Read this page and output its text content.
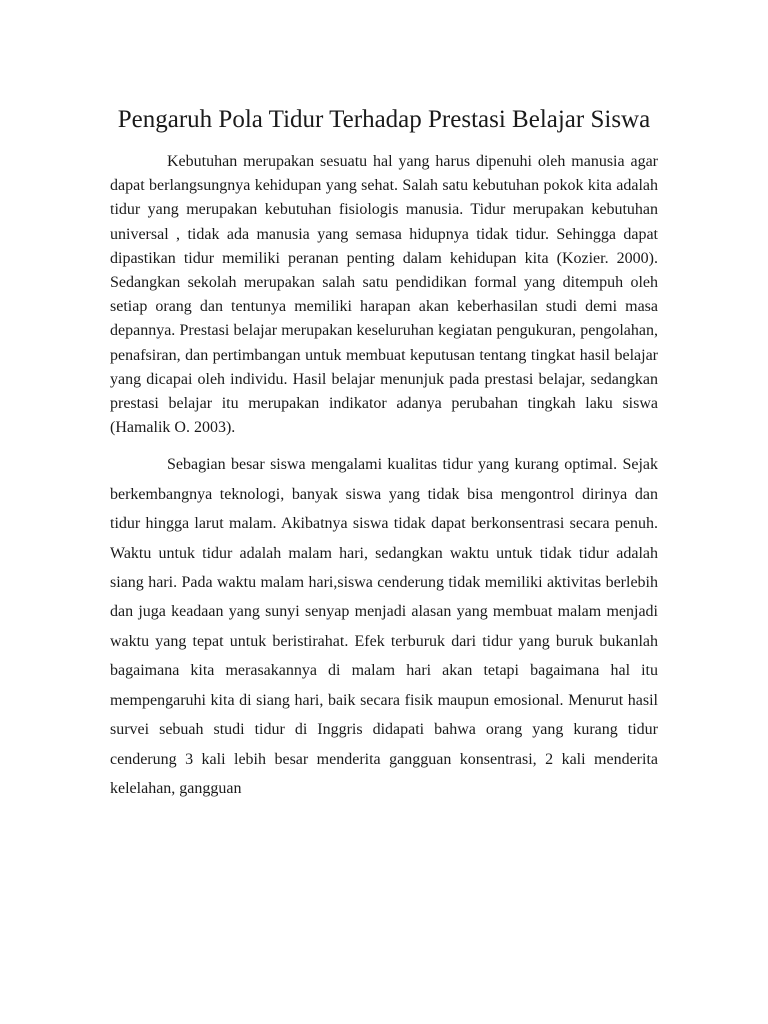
Pengaruh Pola Tidur Terhadap Prestasi Belajar Siswa

Kebutuhan merupakan sesuatu hal yang harus dipenuhi oleh manusia agar dapat berlangsungnya kehidupan yang sehat. Salah satu kebutuhan pokok kita adalah tidur yang merupakan kebutuhan fisiologis manusia. Tidur merupakan kebutuhan universal , tidak ada manusia yang semasa hidupnya tidak tidur. Sehingga dapat dipastikan tidur memiliki peranan penting dalam kehidupan kita (Kozier. 2000). Sedangkan sekolah merupakan salah satu pendidikan formal yang ditempuh oleh setiap orang dan tentunya memiliki harapan akan keberhasilan studi demi masa depannya. Prestasi belajar merupakan keseluruhan kegiatan pengukuran, pengolahan, penafsiran, dan pertimbangan untuk membuat keputusan tentang tingkat hasil belajar yang dicapai oleh individu. Hasil belajar menunjuk pada prestasi belajar, sedangkan prestasi belajar itu merupakan indikator adanya perubahan tingkah laku siswa (Hamalik O. 2003).

Sebagian besar siswa mengalami kualitas tidur yang kurang optimal. Sejak berkembangnya teknologi, banyak siswa yang tidak bisa mengontrol dirinya dan tidur hingga larut malam. Akibatnya siswa tidak dapat berkonsentrasi secara penuh. Waktu untuk tidur adalah malam hari, sedangkan waktu untuk tidak tidur adalah siang hari. Pada waktu malam hari,siswa cenderung tidak memiliki aktivitas berlebih dan juga keadaan yang sunyi senyap menjadi alasan yang membuat malam menjadi waktu yang tepat untuk beristirahat. Efek terburuk dari tidur yang buruk bukanlah bagaimana kita merasakannya di malam hari akan tetapi bagaimana hal itu mempengaruhi kita di siang hari, baik secara fisik maupun emosional. Menurut hasil survei sebuah studi tidur di Inggris didapati bahwa orang yang kurang tidur cenderung 3 kali lebih besar menderita gangguan konsentrasi, 2 kali menderita kelelahan, gangguan
